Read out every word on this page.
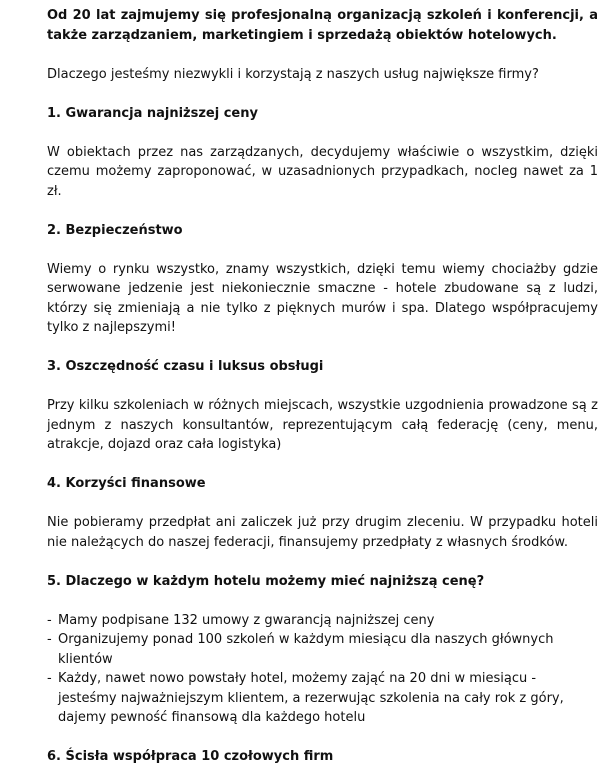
Od 20 lat zajmujemy się profesjonalną organizacją szkoleń i konferencji, a także zarządzaniem, marketingiem i sprzedażą obiektów hotelowych.

Dlaczego jesteśmy niezwykli i korzystają z naszych usług największe firmy?

1. Gwarancja najniższej ceny

W obiektach przez nas zarządzanych, decydujemy właściwie o wszystkim, dzięki czemu możemy zaproponować, w uzasadnionych przypadkach, nocleg nawet za 1 zł.

2. Bezpieczeństwo

Wiemy o rynku wszystko, znamy wszystkich, dzięki temu wiemy chociażby gdzie serwowane jedzenie jest niekoniecznie smaczne - hotele zbudowane są z ludzi, którzy się zmieniają a nie tylko z pięknych murów i spa. Dlatego współpracujemy tylko z najlepszymi!

3. Oszczędność czasu i luksus obsługi

Przy kilku szkoleniach w różnych miejscach, wszystkie uzgodnienia prowadzone są z jednym z naszych konsultantów, reprezentującym całą federację (ceny, menu, atrakcje, dojazd oraz cała logistyka)

4. Korzyści finansowe

Nie pobieramy przedpłat ani zaliczek już przy drugim zleceniu. W przypadku hoteli nie należących do naszej federacji, finansujemy przedpłaty z własnych środków.

5. Dlaczego w każdym hotelu możemy mieć najniższą cenę?

- Mamy podpisane 132 umowy z gwarancją najniższej ceny
- Organizujemy ponad 100 szkoleń w każdym miesiącu dla naszych głównych klientów
- Każdy, nawet nowo powstały hotel, możemy zająć na 20 dni w miesiącu - jesteśmy najważniejszym klientem, a rezerwując szkolenia na cały rok z góry, dajemy pewność finansową dla każdego hotelu

6. Ścisła współpraca 10 czołowych firm
